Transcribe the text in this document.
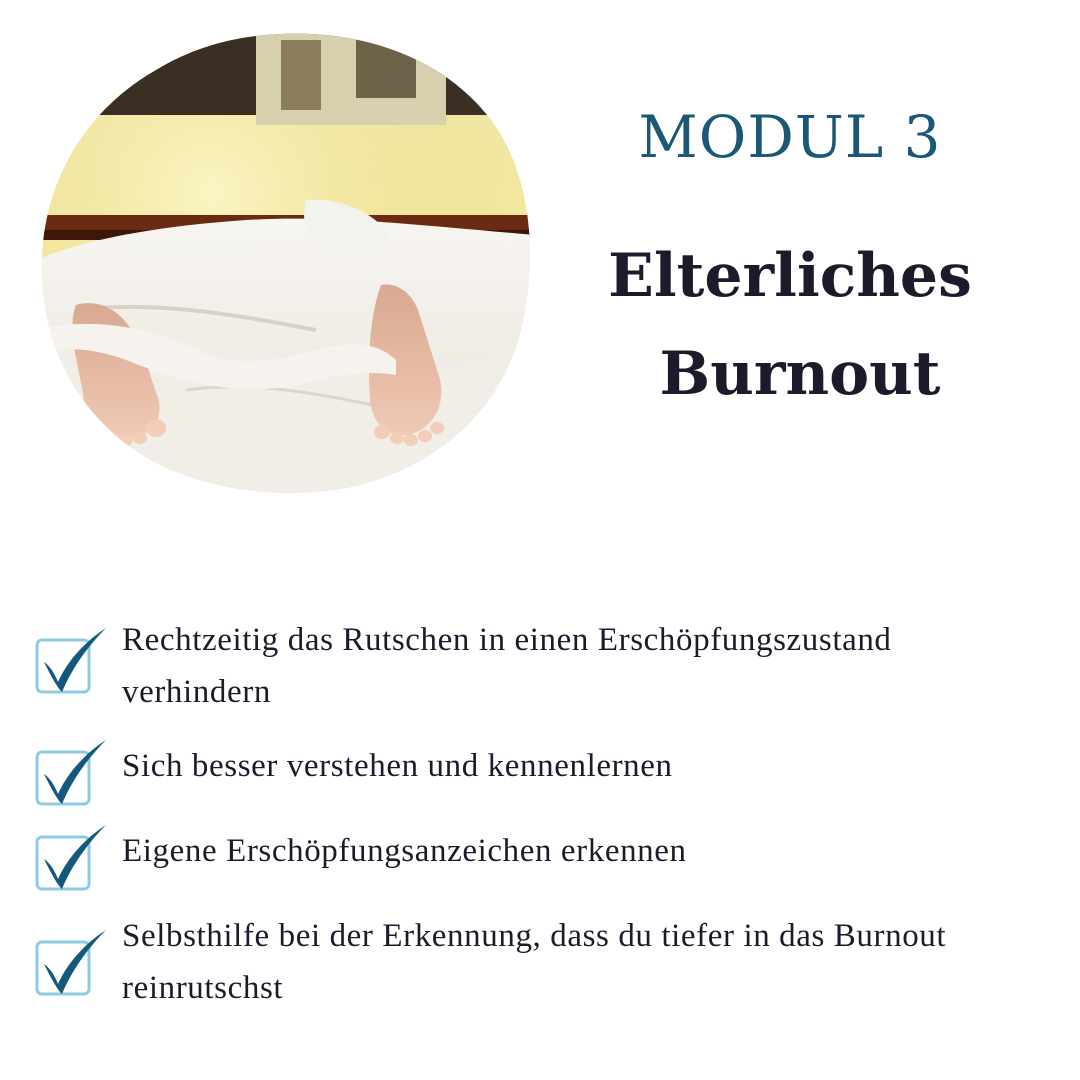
MODUL 3
Elterliches
Burnout
Rechtzeitig das Rutschen in einen Erschöpfungszustand
verhindern
Sich besser verstehen und kennenlernen
Eigene Erschöpfungsanzeichen erkennen
Selbsthilfe bei der Erkennung, dass du tiefer in das Burnout
reinrutschst
